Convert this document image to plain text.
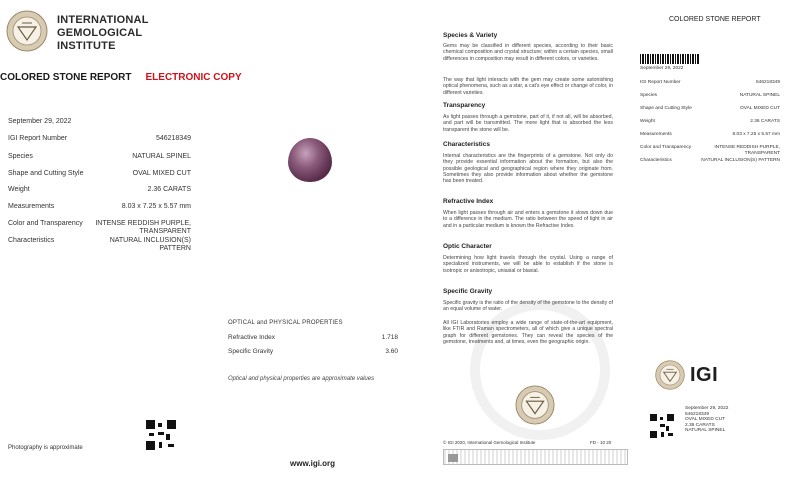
INTERNATIONAL
GEMOLOGICAL
INSTITUTE
COLORED STONE REPORT ELECTRONIC COPY
September 29, 2022
IGI Report Number	546218349
Species	NATURAL SPINEL
Shape and Cutting Style	OVAL MIXED CUT
Weight	2.36 CARATS
Measurements	8.03 x 7.25 x 5.57 mm
Color and Transparency	INTENSE REDDISH PURPLE, TRANSPARENT
Characteristics	NATURAL INCLUSION(S) PATTERN
Photography is approximate
OPTICAL and PHYSICAL PROPERTIES
Refractive Index	1.718
Specific Gravity	3.60
Optical and physical properties are approximate values
www.igi.org
Species & Variety
Gems may be classified in different species, according to their basic chemical composition and crystal structure; within a certain species, small differences in composition may result in different colors, or varieties.
The way that light interacts with the gem may create some astonishing optical phenomena, such as a star, a cat's eye effect or change of color, in different varieties.
Transparency
As light passes through a gemstone, part of it, if not all, will be absorbed, and part will be transmitted. The more light that is absorbed the less transparent the stone will be.
Characteristics
Internal characteristics are the fingerprints of a gemstone. Not only do they provide essential information about the formation, but also the possible geological and geographical region where they originate from. Sometimes they also provide information about whether the gemstone has been treated.
Refractive Index
When light passes through air and enters a gemstone it slows down due to a difference in the medium. The ratio between the speed of light in air and in a particular medium is known the Refractive Index.
Optic Character
Determining how light travels through the crystal. Using a range of specialized instruments, we will be able to establish if the stone is isotropic or anisotropic, uniaxial or biaxial.
Specific Gravity
Specific gravity is the ratio of the density of the gemstone to the density of an equal volume of water.
All IGI Laboratories employ a wide range of state-of-the-art equipment, like FTIR and Raman spectrometers, all of which give a unique spectral graph for different gemstones. They can reveal the species of the gemstone, treatments and, at times, even the geographic origin.
© IGI 2020, International Gemological Institute	FD - 10 20
COLORED STONE REPORT
September 29, 2022
IGI Report Number	546218349
Species	NATURAL SPINEL
Shape and Cutting Style	OVAL MIXED CUT
Weight	2.36 CARATS
Measurements	8.03 x 7.25 x 5.57 mm
Color and Transparency	INTENSE REDDISH PURPLE, TRANSPARENT
Characteristics	NATURAL INCLUSION(S) PATTERN
IGI
September 29, 2022
546218349
OVAL MIXED CUT
2.36 CARATS
NATURAL SPINEL
